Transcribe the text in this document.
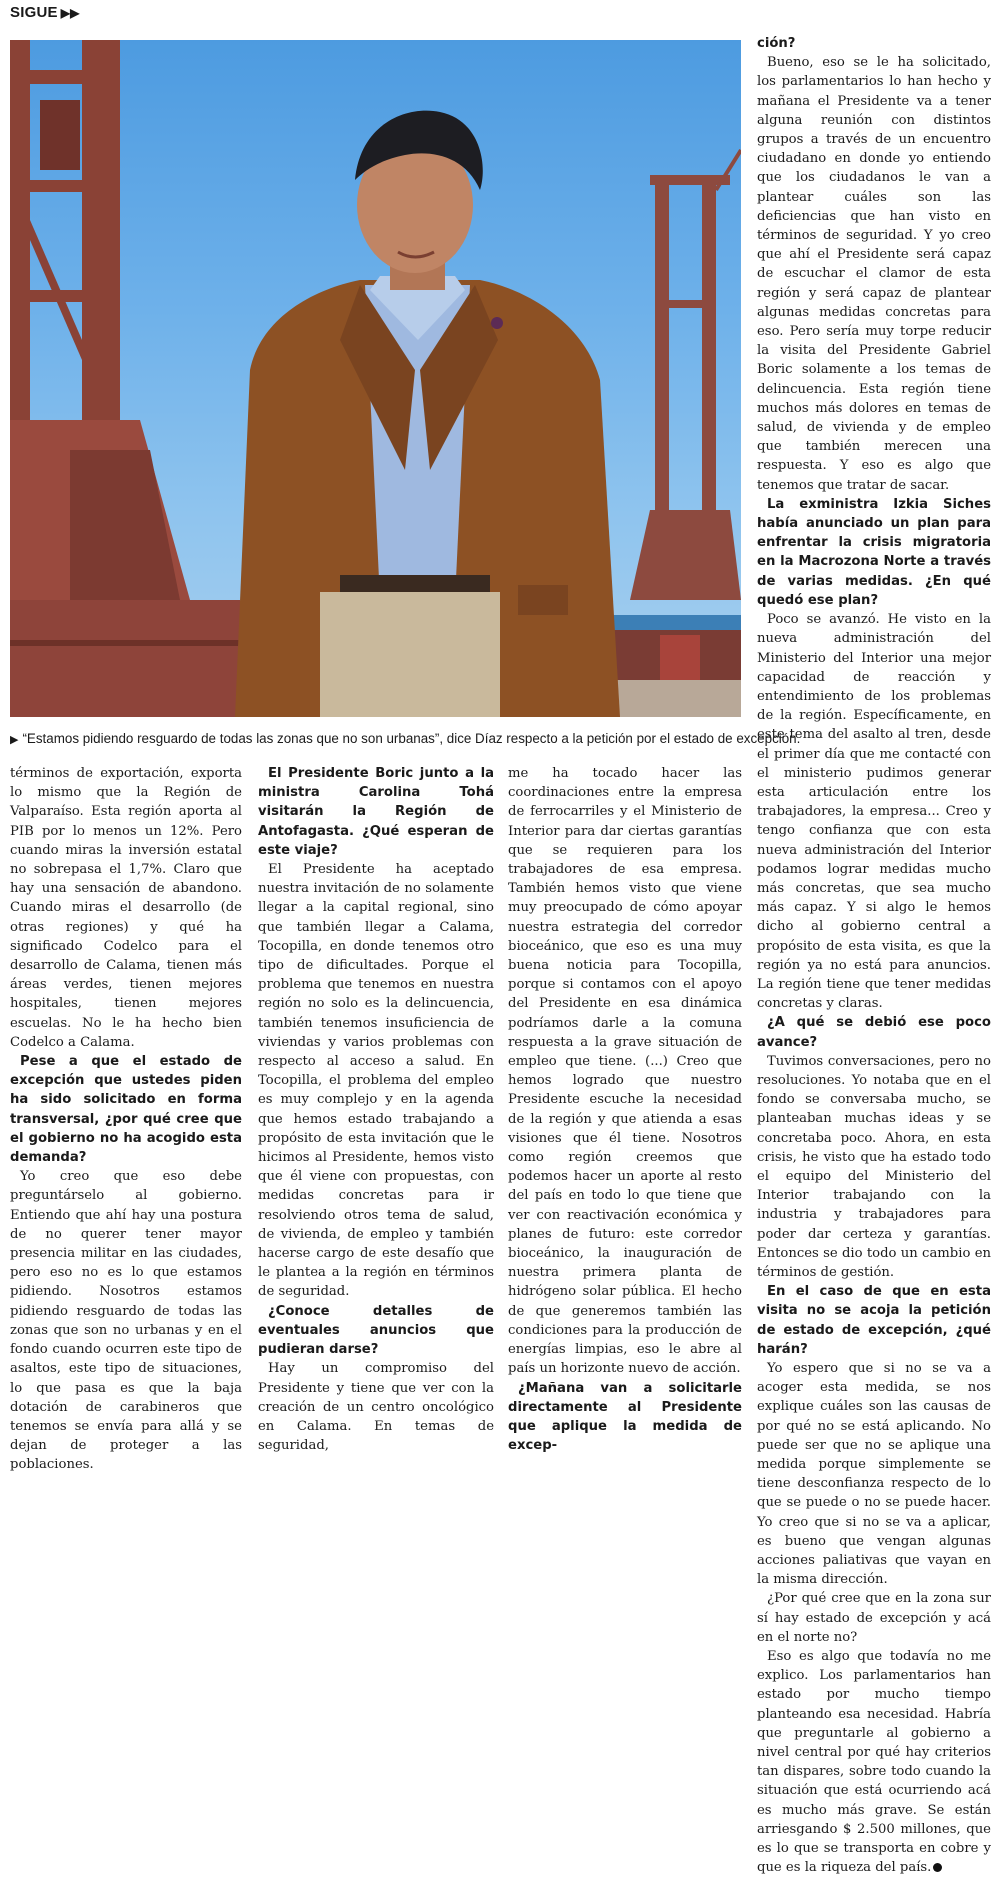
SIGUE ▶▶
▶ “Estamos pidiendo resguardo de todas las zonas que no son urbanas”, dice Díaz respecto a la petición por el estado de excepción.

términos de exportación, exporta lo mismo que la Región de Valparaíso. Esta región aporta al PIB por lo menos un 12%. Pero cuando miras la inversión estatal no sobrepasa el 1,7%. Claro que hay una sensación de abandono. Cuando miras el desarrollo (de otras regiones) y qué ha significado Codelco para el desarrollo de Calama, tienen más áreas verdes, tienen mejores hospitales, tienen mejores escuelas. No le ha hecho bien Codelco a Calama.

Pese a que el estado de excepción que ustedes piden ha sido solicitado en forma transversal, ¿por qué cree que el gobierno no ha acogido esta demanda?

Yo creo que eso debe preguntárselo al gobierno. Entiendo que ahí hay una postura de no querer tener mayor presencia militar en las ciudades, pero eso no es lo que estamos pidiendo. Nosotros estamos pidiendo resguardo de todas las zonas que son no urbanas y en el fondo cuando ocurren este tipo de asaltos, este tipo de situaciones, lo que pasa es que la baja dotación de carabineros que tenemos se envía para allá y se dejan de proteger a las poblaciones.

El Presidente Boric junto a la ministra Carolina Tohá visitarán la Región de Antofagasta. ¿Qué esperan de este viaje?

El Presidente ha aceptado nuestra invitación de no solamente llegar a la capital regional, sino que también llegar a Calama, Tocopilla, en donde tenemos otro tipo de dificultades. Porque el problema que tenemos en nuestra región no solo es la delincuencia, también tenemos insuficiencia de viviendas y varios problemas con respecto al acceso a salud. En Tocopilla, el problema del empleo es muy complejo y en la agenda que hemos estado trabajando a propósito de esta invitación que le hicimos al Presidente, hemos visto que él viene con propuestas, con medidas concretas para ir resolviendo otros tema de salud, de vivienda, de empleo y también hacerse cargo de este desafío que le plantea a la región en términos de seguridad.

¿Conoce detalles de eventuales anuncios que pudieran darse?

Hay un compromiso del Presidente y tiene que ver con la creación de un centro oncológico en Calama. En temas de seguridad,

me ha tocado hacer las coordinaciones entre la empresa de ferrocarriles y el Ministerio de Interior para dar ciertas garantías que se requieren para los trabajadores de esa empresa. También hemos visto que viene muy preocupado de cómo apoyar nuestra estrategia del corredor bioceánico, que eso es una muy buena noticia para Tocopilla, porque si contamos con el apoyo del Presidente en esa dinámica podríamos darle a la comuna respuesta a la grave situación de empleo que tiene. (...) Creo que hemos logrado que nuestro Presidente escuche la necesidad de la región y que atienda a esas visiones que él tiene. Nosotros como región creemos que podemos hacer un aporte al resto del país en todo lo que tiene que ver con reactivación económica y planes de futuro: este corredor bioceánico, la inauguración de nuestra primera planta de hidrógeno solar pública. El hecho de que generemos también las condiciones para la producción de energías limpias, eso le abre al país un horizonte nuevo de acción.

¿Mañana van a solicitarle directamente al Presidente que aplique la medida de excep-

ción?

Bueno, eso se le ha solicitado, los parlamentarios lo han hecho y mañana el Presidente va a tener alguna reunión con distintos grupos a través de un encuentro ciudadano en donde yo entiendo que los ciudadanos le van a plantear cuáles son las deficiencias que han visto en términos de seguridad. Y yo creo que ahí el Presidente será capaz de escuchar el clamor de esta región y será capaz de plantear algunas medidas concretas para eso. Pero sería muy torpe reducir la visita del Presidente Gabriel Boric solamente a los temas de delincuencia. Esta región tiene muchos más dolores en temas de salud, de vivienda y de empleo que también merecen una respuesta. Y eso es algo que tenemos que tratar de sacar.

La exministra Izkia Siches había anunciado un plan para enfrentar la crisis migratoria en la Macrozona Norte a través de varias medidas. ¿En qué quedó ese plan?

Poco se avanzó. He visto en la nueva administración del Ministerio del Interior una mejor capacidad de reacción y entendimiento de los problemas de la región. Específicamente, en este tema del asalto al tren, desde el primer día que me contacté con el ministerio pudimos generar esta articulación entre los trabajadores, la empresa... Creo y tengo confianza que con esta nueva administración del Interior podamos lograr medidas mucho más concretas, que sea mucho más capaz. Y si algo le hemos dicho al gobierno central a propósito de esta visita, es que la región ya no está para anuncios. La región tiene que tener medidas concretas y claras.

¿A qué se debió ese poco avance?

Tuvimos conversaciones, pero no resoluciones. Yo notaba que en el fondo se conversaba mucho, se planteaban muchas ideas y se concretaba poco. Ahora, en esta crisis, he visto que ha estado todo el equipo del Ministerio del Interior trabajando con la industria y trabajadores para poder dar certeza y garantías. Entonces se dio todo un cambio en términos de gestión.

En el caso de que en esta visita no se acoja la petición de estado de excepción, ¿qué harán?

Yo espero que si no se va a acoger esta medida, se nos explique cuáles son las causas de por qué no se está aplicando. No puede ser que no se aplique una medida porque simplemente se tiene desconfianza respecto de lo que se puede o no se puede hacer. Yo creo que si no se va a aplicar, es bueno que vengan algunas acciones paliativas que vayan en la misma dirección.

¿Por qué cree que en la zona sur sí hay estado de excepción y acá en el norte no?

Eso es algo que todavía no me explico. Los parlamentarios han estado por mucho tiempo planteando esa necesidad. Habría que preguntarle al gobierno a nivel central por qué hay criterios tan dispares, sobre todo cuando la situación que está ocurriendo acá es mucho más grave. Se están arriesgando $ 2.500 millones, que es lo que se transporta en cobre y que es la riqueza del país.
